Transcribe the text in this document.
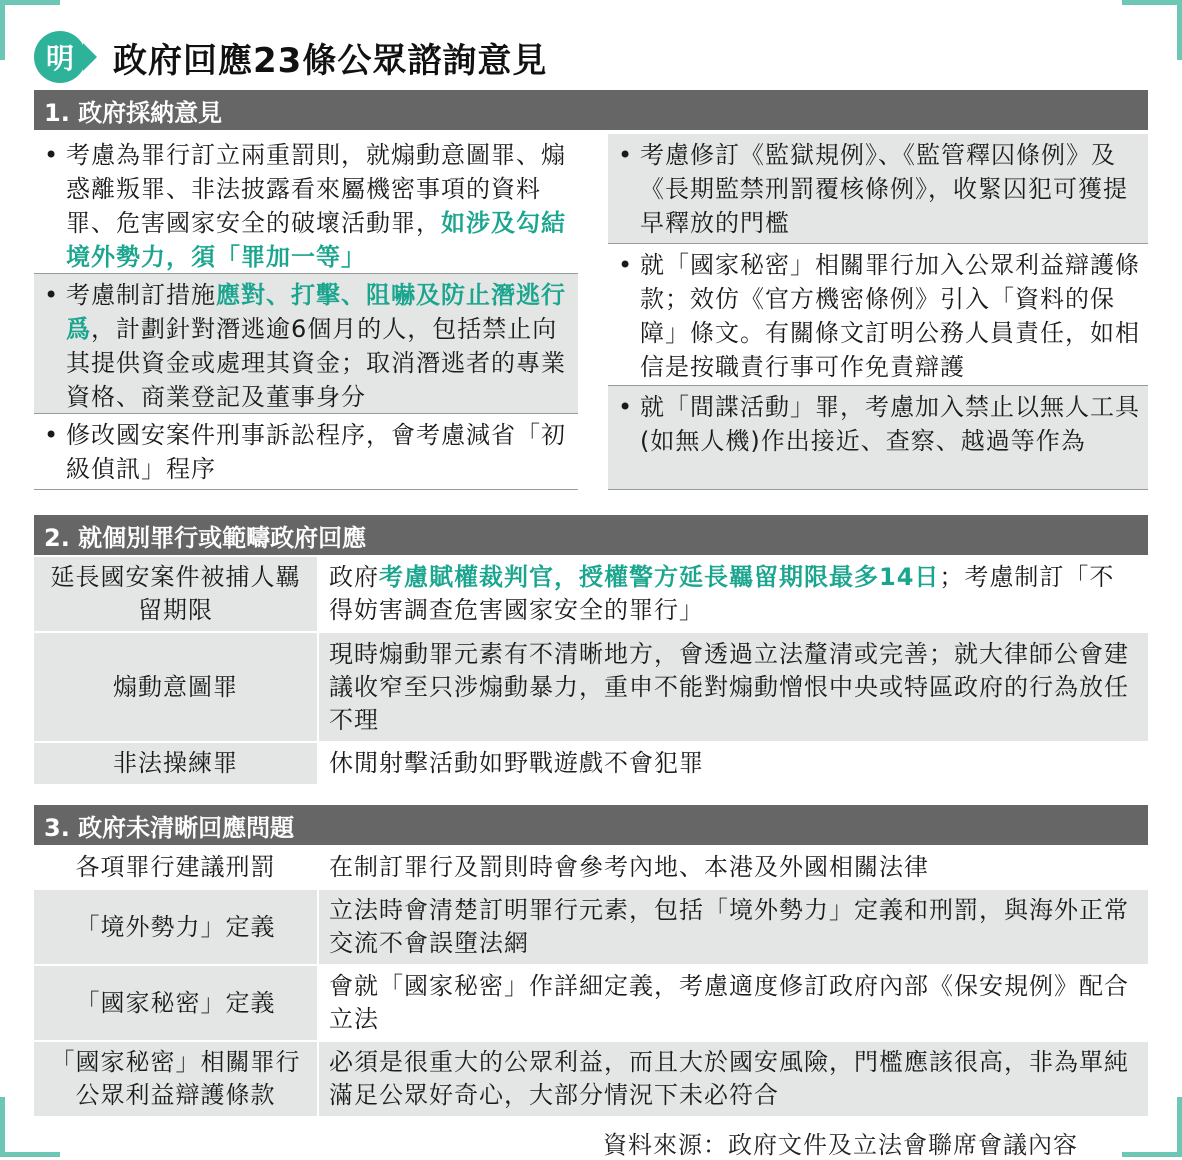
明 政府回應23條公眾諮詢意見
1. 政府採納意見
• 考慮為罪行訂立兩重罰則，就煽動意圖罪、煽惑離叛罪、非法披露看來屬機密事項的資料罪、危害國家安全的破壞活動罪，如涉及勾結境外勢力，須「罪加一等」
• 考慮制訂措施應對、打擊、阻嚇及防止潛逃行爲，計劃針對潛逃逾6個月的人，包括禁止向其提供資金或處理其資金；取消潛逃者的專業資格、商業登記及董事身分
• 修改國安案件刑事訴訟程序，會考慮減省「初級偵訊」程序
• 考慮修訂《監獄規例》、《監管釋囚條例》及《長期監禁刑罰覆核條例》，收緊囚犯可獲提早釋放的門檻
• 就「國家秘密」相關罪行加入公眾利益辯護條款；效仿《官方機密條例》引入「資料的保障」條文。有關條文訂明公務人員責任，如相信是按職責行事可作免責辯護
• 就「間諜活動」罪，考慮加入禁止以無人工具(如無人機)作出接近、查察、越過等作為
2. 就個別罪行或範疇政府回應
延長國安案件被捕人羈留期限	政府考慮賦權裁判官，授權警方延長羈留期限最多14日；考慮制訂「不得妨害調查危害國家安全的罪行」
煽動意圖罪	現時煽動罪元素有不清晰地方，會透過立法釐清或完善；就大律師公會建議收窄至只涉煽動暴力，重申不能對煽動憎恨中央或特區政府的行為放任不理
非法操練罪	休閒射擊活動如野戰遊戲不會犯罪
3. 政府未清晰回應問題
各項罪行建議刑罰	在制訂罪行及罰則時會參考內地、本港及外國相關法律
「境外勢力」定義	立法時會清楚訂明罪行元素，包括「境外勢力」定義和刑罰，與海外正常交流不會誤墮法網
「國家秘密」定義	會就「國家秘密」作詳細定義，考慮適度修訂政府內部《保安規例》配合立法
「國家秘密」相關罪行公眾利益辯護條款	必須是很重大的公眾利益，而且大於國安風險，門檻應該很高，非為單純滿足公眾好奇心，大部分情況下未必符合
資料來源：政府文件及立法會聯席會議內容
